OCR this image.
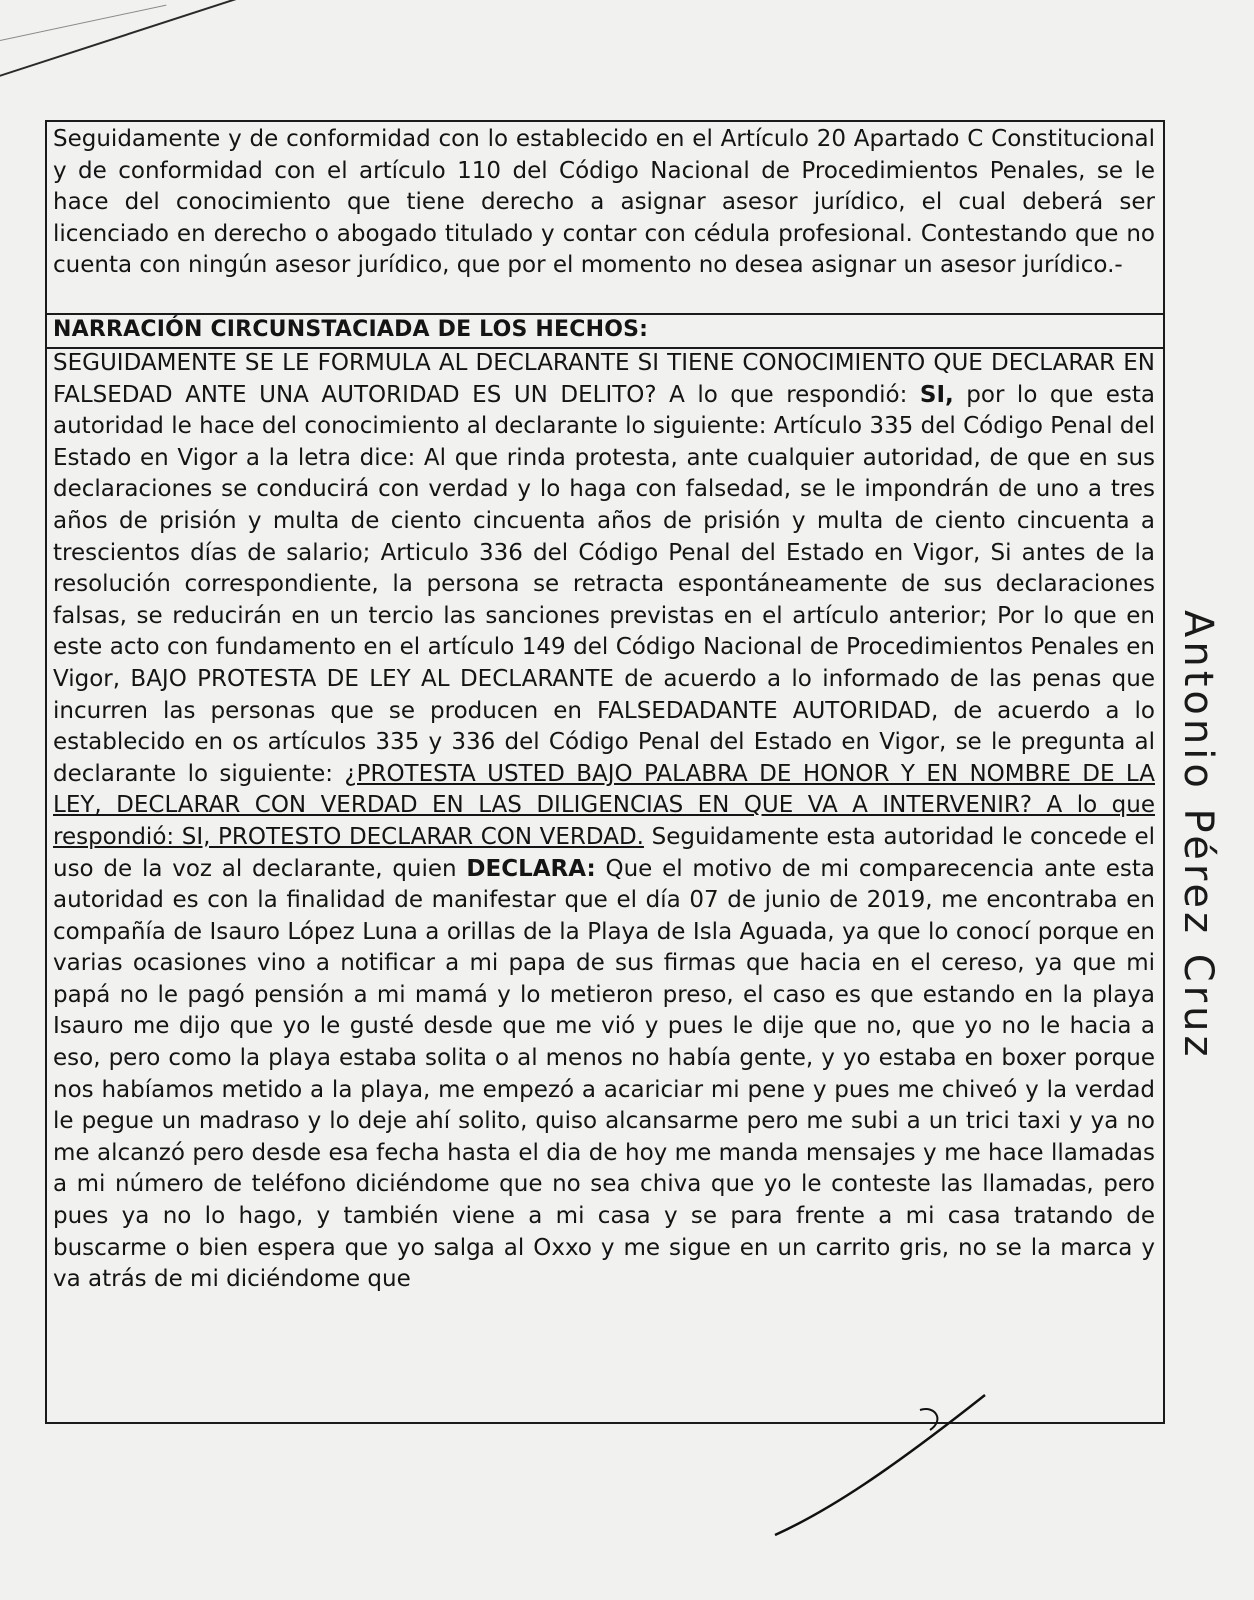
Seguidamente y de conformidad con lo establecido en el Artículo 20 Apartado C Constitucional y de conformidad con el artículo 110 del Código Nacional de Procedimientos Penales, se le hace del conocimiento que tiene derecho a asignar asesor jurídico, el cual deberá ser licenciado en derecho o abogado titulado y contar con cédula profesional. Contestando que no cuenta con ningún asesor jurídico, que por el momento no desea asignar un asesor jurídico.-
NARRACIÓN CIRCUNSTACIADA DE LOS HECHOS:
SEGUIDAMENTE SE LE FORMULA AL DECLARANTE SI TIENE CONOCIMIENTO QUE DECLARAR EN FALSEDAD ANTE UNA AUTORIDAD ES UN DELITO? A lo que respondió: SI, por lo que esta autoridad le hace del conocimiento al declarante lo siguiente: Artículo 335 del Código Penal del Estado en Vigor a la letra dice: Al que rinda protesta, ante cualquier autoridad, de que en sus declaraciones se conducirá con verdad y lo haga con falsedad, se le impondrán de uno a tres años de prisión y multa de ciento cincuenta años de prisión y multa de ciento cincuenta a trescientos días de salario; Articulo 336 del Código Penal del Estado en Vigor, Si antes de la resolución correspondiente, la persona se retracta espontáneamente de sus declaraciones falsas, se reducirán en un tercio las sanciones previstas en el artículo anterior; Por lo que en este acto con fundamento en el artículo 149 del Código Nacional de Procedimientos Penales en Vigor, BAJO PROTESTA DE LEY AL DECLARANTE de acuerdo a lo informado de las penas que incurren las personas que se producen en FALSEDADANTE AUTORIDAD, de acuerdo a lo establecido en os artículos 335 y 336 del Código Penal del Estado en Vigor, se le pregunta al declarante lo siguiente: ¿PROTESTA USTED BAJO PALABRA DE HONOR Y EN NOMBRE DE LA LEY, DECLARAR CON VERDAD EN LAS DILIGENCIAS EN QUE VA A INTERVENIR? A lo que respondió: SI, PROTESTO DECLARAR CON VERDAD. Seguidamente esta autoridad le concede el uso de la voz al declarante, quien DECLARA: Que el motivo de mi comparecencia ante esta autoridad es con la finalidad de manifestar que el día 07 de junio de 2019, me encontraba en compañía de Isauro López Luna a orillas de la Playa de Isla Aguada, ya que lo conocí porque en varias ocasiones vino a notificar a mi papa de sus firmas que hacia en el cereso, ya que mi papá no le pagó pensión a mi mamá y lo metieron preso, el caso es que estando en la playa Isauro me dijo que yo le gusté desde que me vió y pues le dije que no, que yo no le hacia a eso, pero como la playa estaba solita o al menos no había gente, y yo estaba en boxer porque nos habíamos metido a la playa, me empezó a acariciar mi pene y pues me chiveó y la verdad le pegue un madraso y lo deje ahí solito, quiso alcansarme pero me subi a un trici taxi y ya no me alcanzó pero desde esa fecha hasta el dia de hoy me manda mensajes y me hace llamadas a mi número de teléfono diciéndome que no sea chiva que yo le conteste las llamadas, pero pues ya no lo hago, y también viene a mi casa y se para frente a mi casa tratando de buscarme o bien espera que yo salga al Oxxo y me sigue en un carrito gris, no se la marca y va atrás de mi diciéndome que
Antonio Pérez Cruz
